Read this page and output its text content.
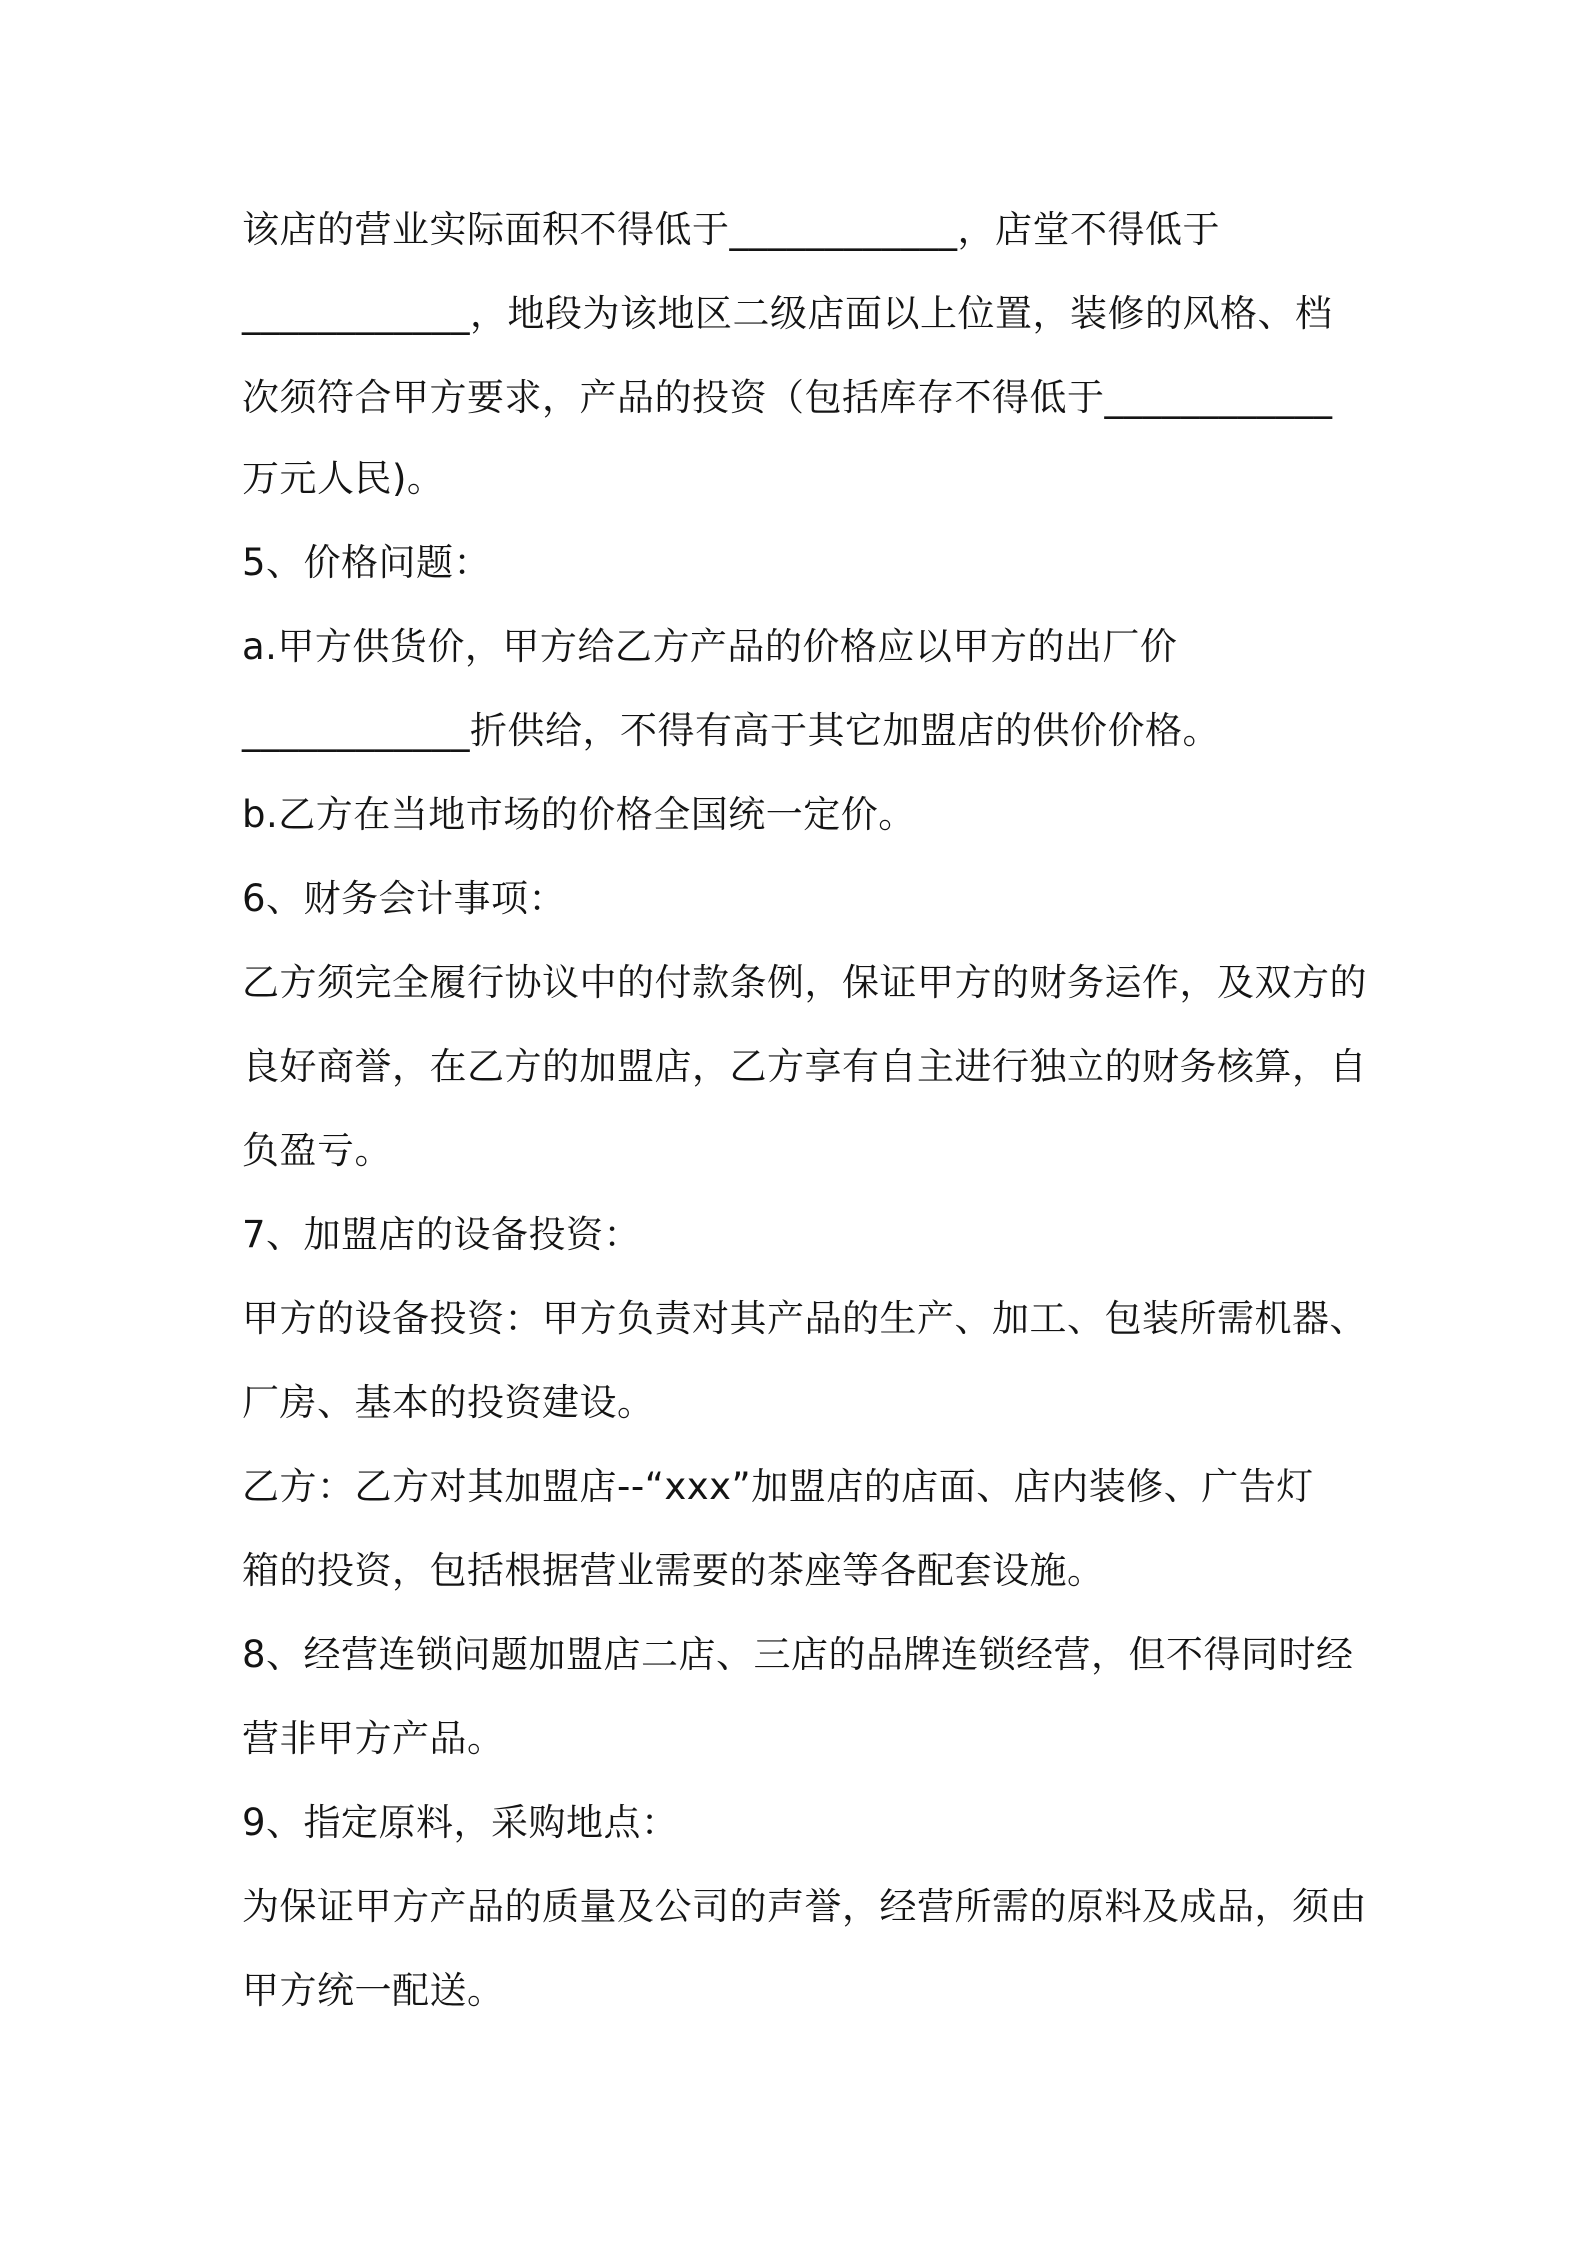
该店的营业实际面积不得低于____________，店堂不得低于
____________，地段为该地区二级店面以上位置，装修的风格、档
次须符合甲方要求，产品的投资（包括库存不得低于____________
万元人民)。
5、价格问题：
a.甲方供货价，甲方给乙方产品的价格应以甲方的出厂价
____________折供给，不得有高于其它加盟店的供价价格。
b.乙方在当地市场的价格全国统一定价。
6、财务会计事项：
乙方须完全履行协议中的付款条例，保证甲方的财务运作，及双方的
良好商誉，在乙方的加盟店，乙方享有自主进行独立的财务核算，自
负盈亏。
7、加盟店的设备投资：
甲方的设备投资：甲方负责对其产品的生产、加工、包装所需机器、
厂房、基本的投资建设。
乙方：乙方对其加盟店--“xxx”加盟店的店面、店内装修、广告灯
箱的投资，包括根据营业需要的茶座等各配套设施。
8、经营连锁问题加盟店二店、三店的品牌连锁经营，但不得同时经
营非甲方产品。
9、指定原料，采购地点：
为保证甲方产品的质量及公司的声誉，经营所需的原料及成品，须由
甲方统一配送。
